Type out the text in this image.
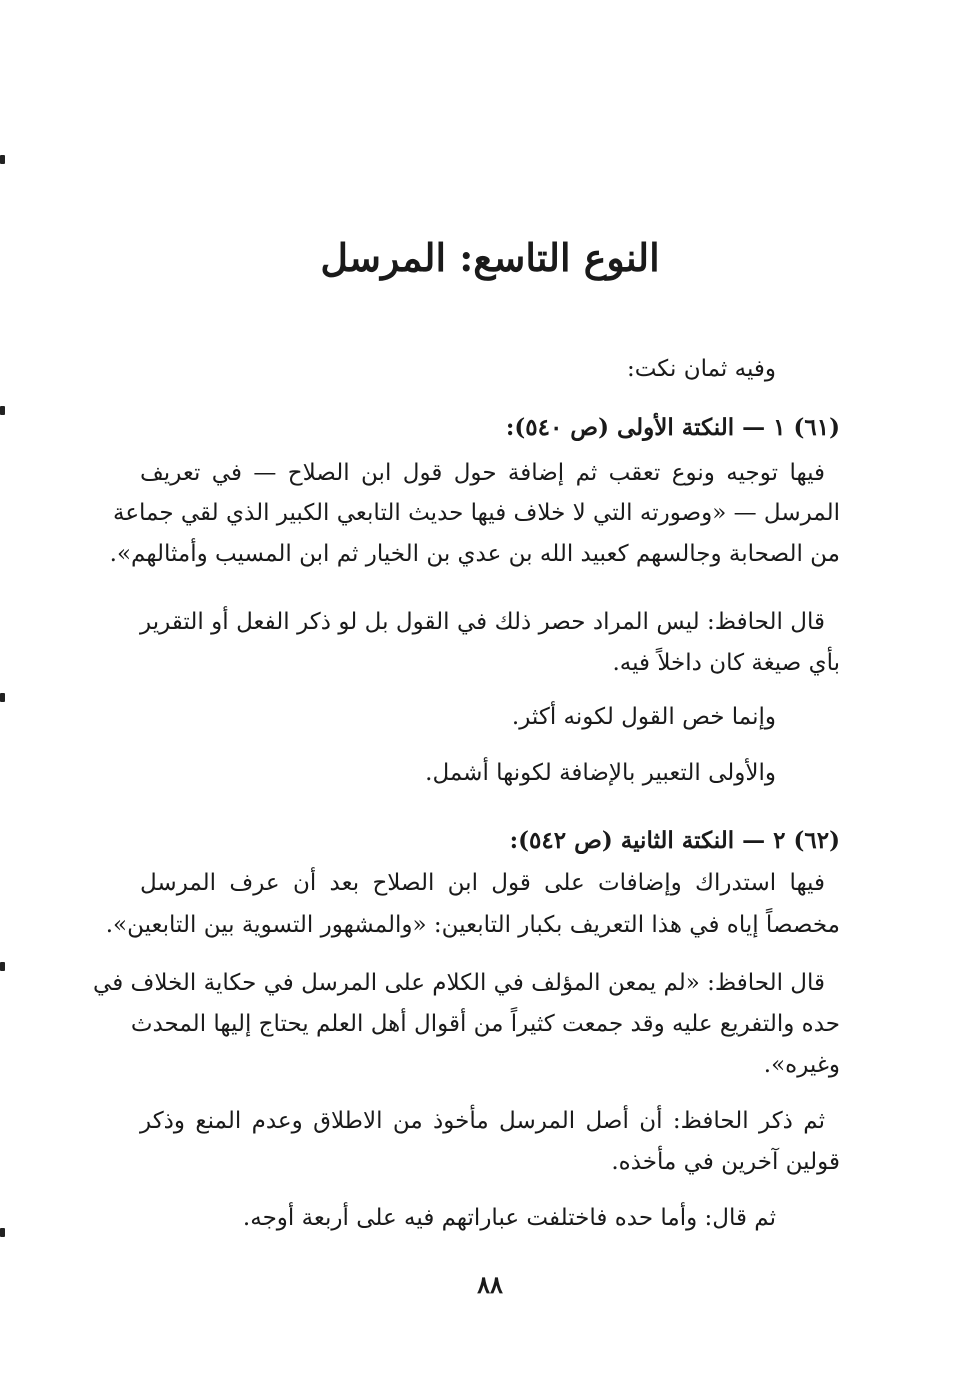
النوع التاسع: المرسل
وفيه ثمان نكت:
(٦١) ١ — النكتة الأولى (ص ٥٤٠):
فيها توجيه ونوع تعقب ثم إضافة حول قول ابن الصلاح — في تعريف
المرسل — «وصورته التي لا خلاف فيها حديث التابعي الكبير الذي لقي جماعة
من الصحابة وجالسهم كعبيد الله بن عدي بن الخيار ثم ابن المسيب وأمثالهم».
قال الحافظ: ليس المراد حصر ذلك في القول بل لو ذكر الفعل أو التقرير
بأي صيغة كان داخلاً فيه.
وإنما خص القول لكونه أكثر.
والأولى التعبير بالإضافة لكونها أشمل.
(٦٢) ٢ — النكتة الثانية (ص ٥٤٢):
فيها استدراك وإضافات على قول ابن الصلاح بعد أن عرف المرسل
مخصصاً إياه في هذا التعريف بكبار التابعين: «والمشهور التسوية بين التابعين».
قال الحافظ: «لم يمعن المؤلف في الكلام على المرسل في حكاية الخلاف في
حده والتفريع عليه وقد جمعت كثيراً من أقوال أهل العلم يحتاج إليها المحدث
وغيره».
ثم ذكر الحافظ: أن أصل المرسل مأخوذ من الاطلاق وعدم المنع وذكر
قولين آخرين في مأخذه.
ثم قال: وأما حده فاختلفت عباراتهم فيه على أربعة أوجه.
٨٨
